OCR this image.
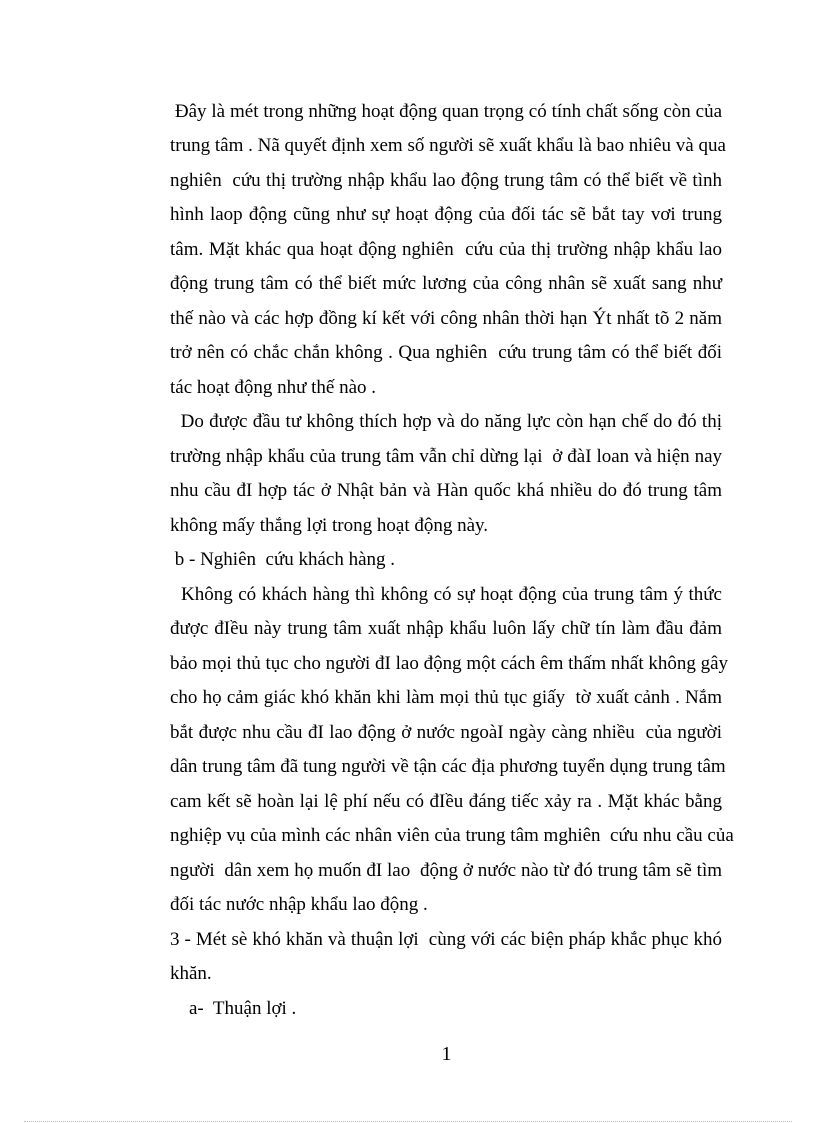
Đây là mét trong những hoạt động quan trọng có tính chất sống còn của
trung tâm . Nã quyết định xem số người sẽ xuất khẩu là bao nhiêu và qua
nghiên  cứu thị trường nhập khẩu lao động trung tâm có thể biết về tình
hình laop động cũng như sự hoạt động của đối tác sẽ bắt tay vơi trung
tâm. Mặt khác qua hoạt động nghiên  cứu của thị trường nhập khẩu lao
động trung tâm có thể biết mức lương của công nhân sẽ xuất sang như
thế nào và các hợp đồng kí kết với công nhân thời hạn Ýt nhất tõ 2 năm
trở nên có chắc chắn không . Qua nghiên  cứu trung tâm có thể biết đối
tác hoạt động như thế nào .
Do được đầu tư không thích hợp và do năng lực còn hạn chế do đó thị
trường nhập khẩu của trung tâm vẫn chỉ dừng lại  ở đàI loan và hiện nay
nhu cầu đI hợp tác ở Nhật bản và Hàn quốc khá nhiều do đó trung tâm
không mấy thắng lợi trong hoạt động này.
b - Nghiên  cứu khách hàng .
Không có khách hàng thì không có sự hoạt động của trung tâm ý thức
được đIều này trung tâm xuất nhập khẩu luôn lấy chữ tín làm đầu đảm
bảo mọi thủ tục cho người đI lao động một cách êm thấm nhất không gây
cho họ cảm giác khó khăn khi làm mọi thủ tục giấy  tờ xuất cảnh . Nắm
bắt được nhu cầu đI lao động ở nước ngoàI ngày càng nhiều  của người
dân trung tâm đã tung người về tận các địa phương tuyển dụng trung tâm
cam kết sẽ hoàn lại lệ phí nếu có đIều đáng tiếc xảy ra . Mặt khác bằng
nghiệp vụ của mình các nhân viên của trung tâm mghiên  cứu nhu cầu của
người  dân xem họ muốn đI lao  động ở nước nào từ đó trung tâm sẽ tìm
đối tác nước nhập khẩu lao động .
3 - Mét sè khó khăn và thuận lợi  cùng với các biện pháp khắc phục khó
khăn.
a-  Thuận lợi .
1
